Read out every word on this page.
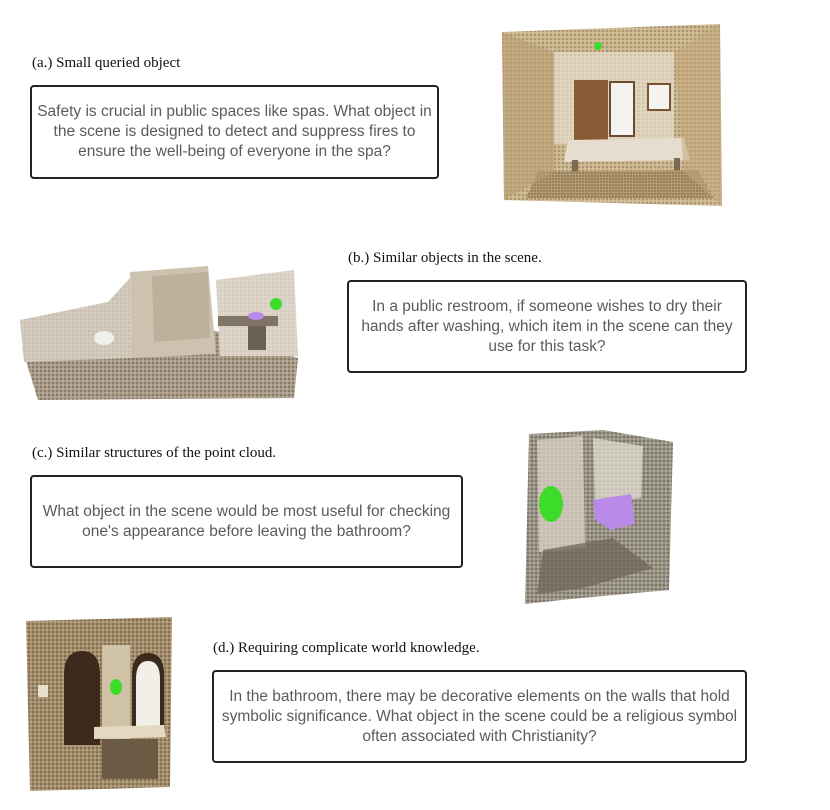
(a.) Small queried object
Safety is crucial in public spaces like spas. What object in the scene is designed to detect and suppress fires to ensure the well-being of everyone in the spa?
(b.) Similar objects in the scene.
In a public restroom, if someone wishes to dry their hands after washing, which item in the scene can they use for this task?
(c.) Similar structures of the point cloud.
What object in the scene would be most useful for checking one's appearance before leaving the bathroom?
(d.) Requiring complicate world knowledge.
In the bathroom, there may be decorative elements on the walls that hold symbolic significance. What object in the scene could be a religious symbol often associated with Christianity?
